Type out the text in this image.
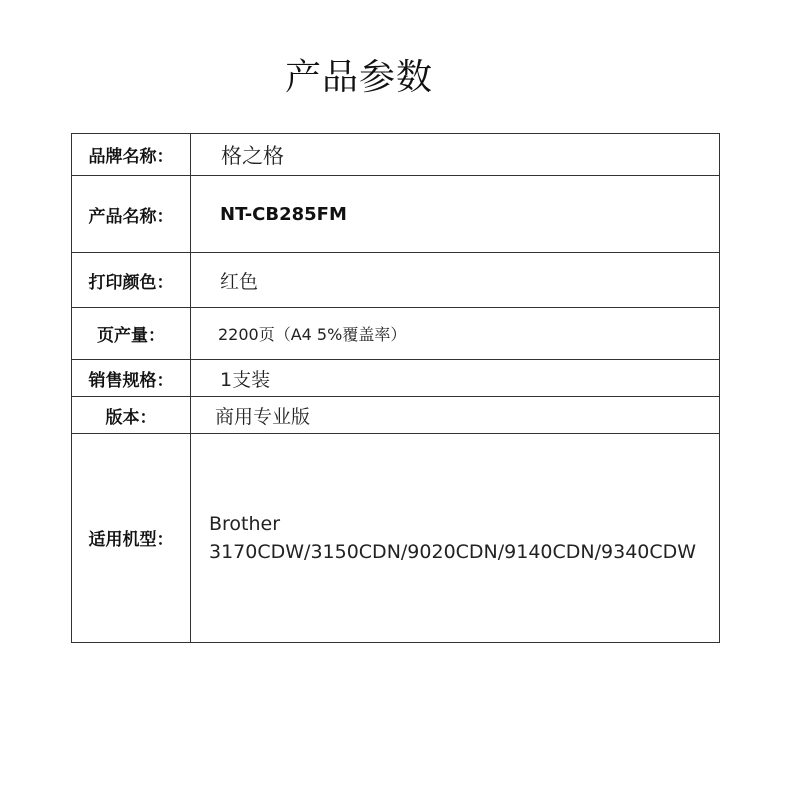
产品参数
品牌名称：	格之格
产品名称：	NT-CB285FM
打印颜色：	红色
页产量：	2200页（A4 5%覆盖率）
销售规格：	1支装
版本：	商用专业版
适用机型：	Brother
3170CDW/3150CDN/9020CDN/9140CDN/9340CDW
